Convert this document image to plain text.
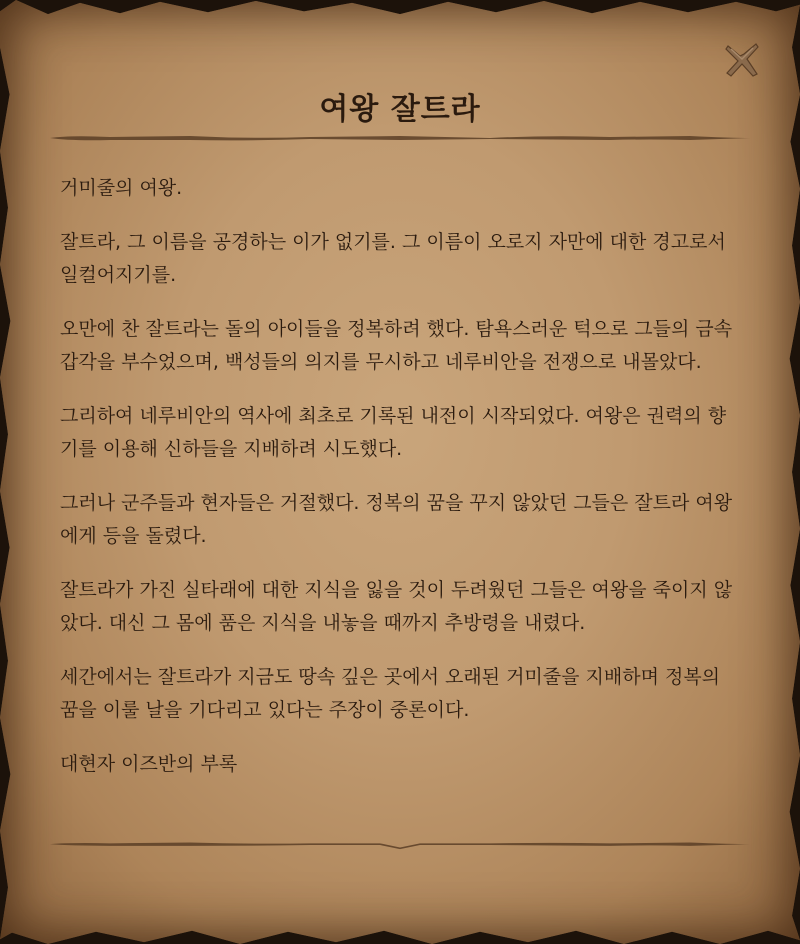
여왕 잘트라

거미줄의 여왕.

잘트라, 그 이름을 공경하는 이가 없기를. 그 이름이 오로지 자만에 대한 경고로서 일컬어지기를.

오만에 찬 잘트라는 돌의 아이들을 정복하려 했다. 탐욕스러운 턱으로 그들의 금속 갑각을 부수었으며, 백성들의 의지를 무시하고 네루비안을 전쟁으로 내몰았다.

그리하여 네루비안의 역사에 최초로 기록된 내전이 시작되었다. 여왕은 권력의 향기를 이용해 신하들을 지배하려 시도했다.

그러나 군주들과 현자들은 거절했다. 정복의 꿈을 꾸지 않았던 그들은 잘트라 여왕에게 등을 돌렸다.

잘트라가 가진 실타래에 대한 지식을 잃을 것이 두려웠던 그들은 여왕을 죽이지 않았다. 대신 그 몸에 품은 지식을 내놓을 때까지 추방령을 내렸다.

세간에서는 잘트라가 지금도 땅속 깊은 곳에서 오래된 거미줄을 지배하며 정복의 꿈을 이룰 날을 기다리고 있다는 주장이 중론이다.

대현자 이즈반의 부록
